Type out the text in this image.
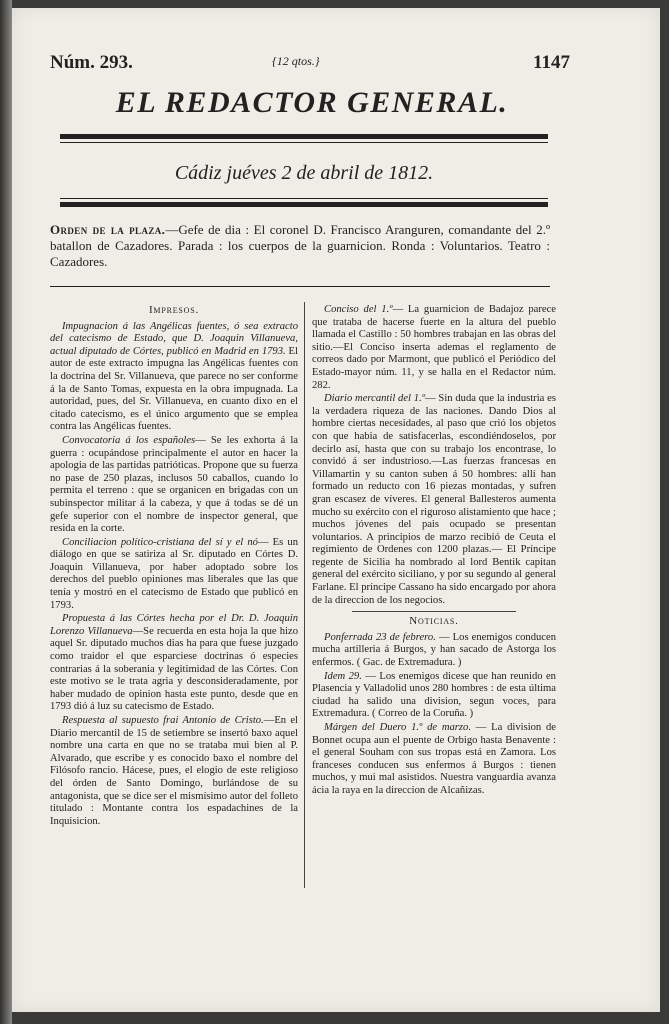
Núm. 293.	{12 qtos.}	1147
EL REDACTOR GENERAL.
Cádiz juéves 2 de abril de 1812.
Orden de la plaza.—Gefe de dia : El coronel D. Francisco Aranguren, comandante del 2.º batallon de Cazadores. Parada : los cuerpos de la guarnicion. Ronda : Voluntarios. Teatro : Cazadores.
Impresos.

Impugnacion á las Angélicas fuentes, ó sea extracto del catecismo de Estado, que D. Joaquin Villanueva, actual diputado de Córtes, publicó en Madrid en 1793. El autor de este extracto impugna las Angélicas fuentes con la doctrina del Sr. Villanueva, que parece no ser conforme á la de Santo Tomas, expuesta en la obra impugnada. La autoridad, pues, del Sr. Villanueva, en cuanto dixo en el citado catecismo, es el único argumento que se emplea contra las Angélicas fuentes.

Convocatoria á los españoles— Se les exhorta á la guerra : ocupándose principalmente el autor en hacer la apologia de las partidas patrióticas. Propone que su fuerza no pase de 250 plazas, inclusos 50 caballos, cuando lo permita el terreno : que se organicen en brigadas con un subinspector militar á la cabeza, y que á todas se dé un gefe superior con el nombre de inspector general, que resida en la corte.

Conciliacion político-cristiana del sí y el nó— Es un diálogo en que se satiriza al Sr. diputado en Córtes D. Joaquin Villanueva, por haber adoptado sobre los derechos del pueblo opiniones mas liberales que las que tenía y mostró en el catecismo de Estado que publicó en 1793.

Propuesta á las Córtes hecha por el Dr. D. Joaquin Lorenzo Villanueva—Se recuerda en esta hoja la que hizo aquel Sr. diputado muchos dias ha para que fuese juzgado como traidor el que esparciese doctrinas ó especies contrarias á la soberania y legitimidad de las Córtes. Con este motivo se le trata agria y desconsideradamente, por haber mudado de opinion hasta este punto, desde que en 1793 dió á luz su catecismo de Estado.

Respuesta al supuesto frai Antonio de Cristo.—En el Diario mercantil de 15 de setiembre se insertó baxo aquel nombre una carta en que no se trataba mui bien al P. Alvarado, que escribe y es conocido baxo el nombre del Filósofo rancio. Hácese, pues, el elogio de este religioso del órden de Santo Domingo, burlándose de su antagonista, que se dice ser el mismísimo autor del folleto titulado : Montante contra los espadachines de la Inquisicion.

Conciso del 1.º— La guarnicion de Badajoz parece que trataba de hacerse fuerte en la altura del pueblo llamada el Castillo : 50 hombres trabajan en las obras del sitio.—El Conciso inserta ademas el reglamento de correos dado por Marmont, que publicó el Periódico del Estado-mayor núm. 11, y se halla en el Redactor núm. 282.

Diario mercantil del 1.º— Sin duda que la industria es la verdadera riqueza de las naciones. Dando Dios al hombre ciertas necesidades, al paso que crió los objetos con que habia de satisfacerlas, escondiéndoselos, por decirlo así, hasta que con su trabajo los encontrase, lo convidó á ser industrioso.—Las fuerzas francesas en Villamartin y su canton suben á 50 hombres: allí han formado un reducto con 16 piezas montadas, y sufren gran escasez de víveres. El general Ballesteros aumenta mucho su exército con el riguroso alistamiento que hace ; muchos jóvenes del pais ocupado se presentan voluntarios. A principios de marzo recibió de Ceuta el regimiento de Ordenes con 1200 plazas.— El Príncipe regente de Sicilia ha nombrado al lord Bentik capitan general del exército siciliano, y por su segundo al general Farlane. El príncipe Cassano ha sido encargado por ahora de la direccion de los negocios.

Noticias.

Ponferrada 23 de febrero. — Los enemigos conducen mucha artilleria á Burgos, y han sacado de Astorga los enfermos. ( Gac. de Extremadura. )

Idem 29. — Los enemigos dicese que han reunido en Plasencia y Valladolid unos 280 hombres : de esta última ciudad ha salido una division, segun voces, para Extremadura. ( Correo de la Coruña. )

Márgen del Duero 1.º de marzo. — La division de Bonnet ocupa aun el puente de Orbigo hasta Benavente : el general Souham con sus tropas está en Zamora. Los franceses conducen sus enfermos á Burgos : tienen muchos, y mui mal asistidos. Nuestra vanguardia avanza ácia la raya en la direccion de Alcañizas.
